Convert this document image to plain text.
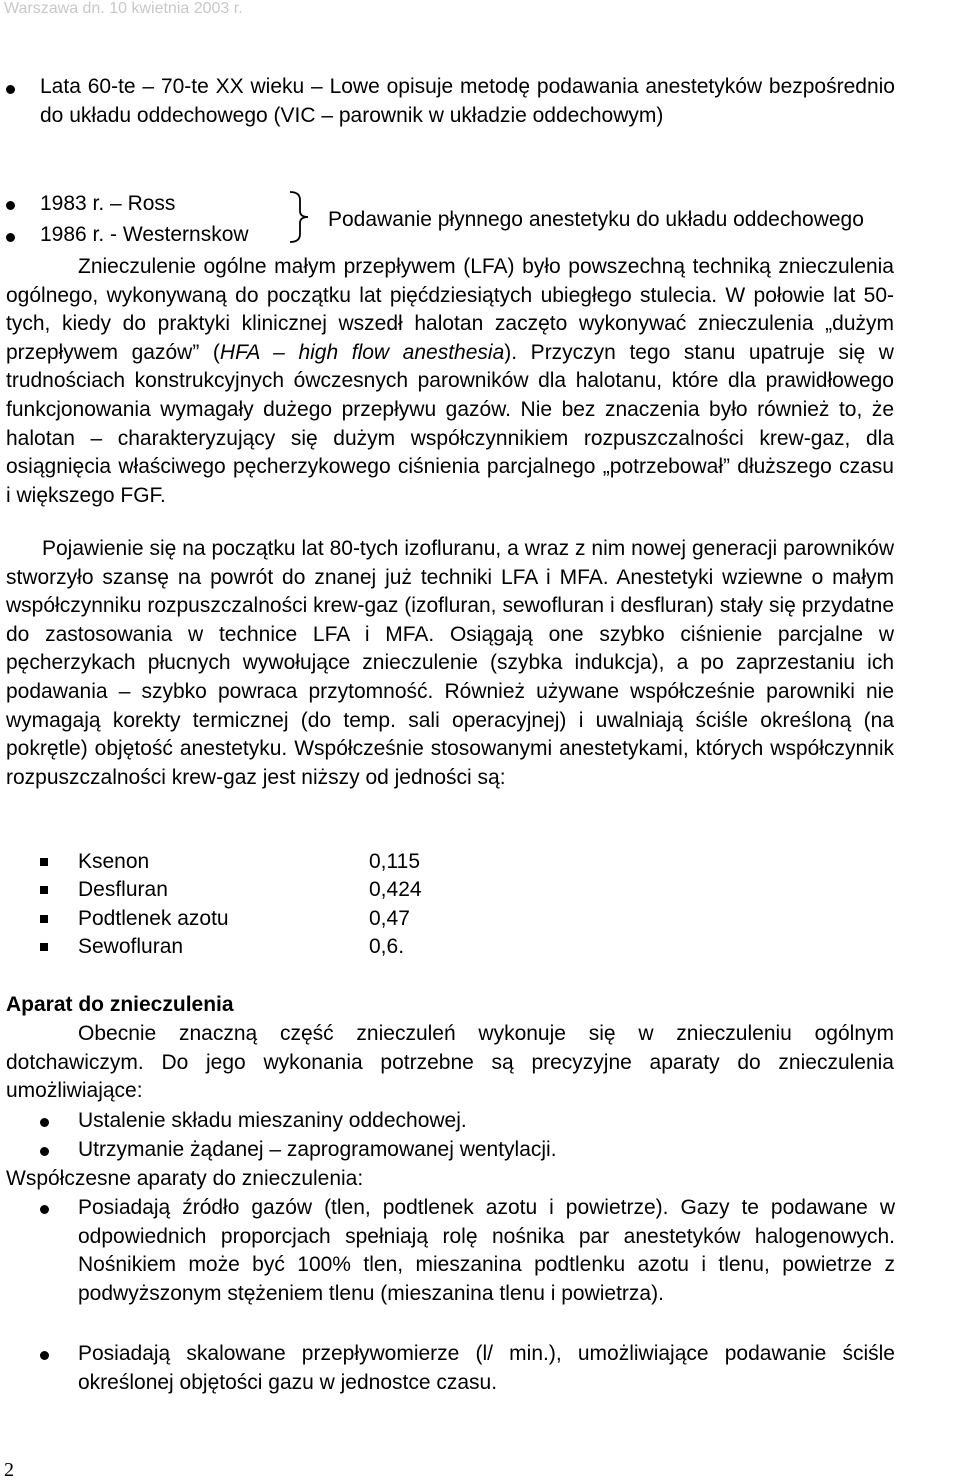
Warszawa dn. 10 kwietnia 2003 r.
Lata 60-te – 70-te XX wieku – Lowe opisuje metodę podawania anestetyków bezpośrednio do układu oddechowego (VIC – parownik w układzie oddechowym)
1983 r. – Ross
1986 r. - Westernskow
Podawanie płynnego anestetyku do układu oddechowego
Znieczulenie ogólne małym przepływem (LFA) było powszechną techniką znieczulenia ogólnego, wykonywaną do początku lat pięćdziesiątych ubiegłego stulecia. W połowie lat 50-tych, kiedy do praktyki klinicznej wszedł halotan zaczęto wykonywać znieczulenia „dużym przepływem gazów” (HFA – high flow anesthesia). Przyczyn tego stanu upatruje się w trudnościach konstrukcyjnych ówczesnych parowników dla halotanu, które dla prawidłowego funkcjonowania wymagały dużego przepływu gazów. Nie bez znaczenia było również to, że halotan – charakteryzujący się dużym współczynnikiem rozpuszczalności krew-gaz, dla osiągnięcia właściwego pęcherzykowego ciśnienia parcjalnego „potrzebował” dłuższego czasu i większego FGF.
Pojawienie się na początku lat 80-tych izofluranu, a wraz z nim nowej generacji parowników stworzyło szansę na powrót do znanej już techniki LFA i MFA. Anestetyki wziewne o małym współczynniku rozpuszczalności krew-gaz (izofluran, sewofluran i desfluran) stały się przydatne do zastosowania w technice LFA i MFA. Osiągają one szybko ciśnienie parcjalne w pęcherzykach płucnych wywołujące znieczulenie (szybka indukcja), a po zaprzestaniu ich podawania – szybko powraca przytomność. Również używane współcześnie parowniki nie wymagają korekty termicznej (do temp. sali operacyjnej) i uwalniają ściśle określoną (na pokrętle) objętość anestetyku. Współcześnie stosowanymi anestetykami, których współczynnik rozpuszczalności krew-gaz jest niższy od jedności są:
Ksenon	0,115
Desfluran	0,424
Podtlenek azotu	0,47
Sewofluran	0,6.
Aparat do znieczulenia
Obecnie znaczną część znieczuleń wykonuje się w znieczuleniu ogólnym dotchawiczym. Do jego wykonania potrzebne są precyzyjne aparaty do znieczulenia umożliwiające:
Ustalenie składu mieszaniny oddechowej.
Utrzymanie żądanej – zaprogramowanej wentylacji.
Współczesne aparaty do znieczulenia:
Posiadają źródło gazów (tlen, podtlenek azotu i powietrze). Gazy te podawane w odpowiednich proporcjach spełniają rolę nośnika par anestetyków halogenowych. Nośnikiem może być 100% tlen, mieszanina podtlenku azotu i tlenu, powietrze z podwyższonym stężeniem tlenu (mieszanina tlenu i powietrza).
Posiadają skalowane przepływomierze (l/ min.), umożliwiające podawanie ściśle określonej objętości gazu w jednostce czasu.
2
